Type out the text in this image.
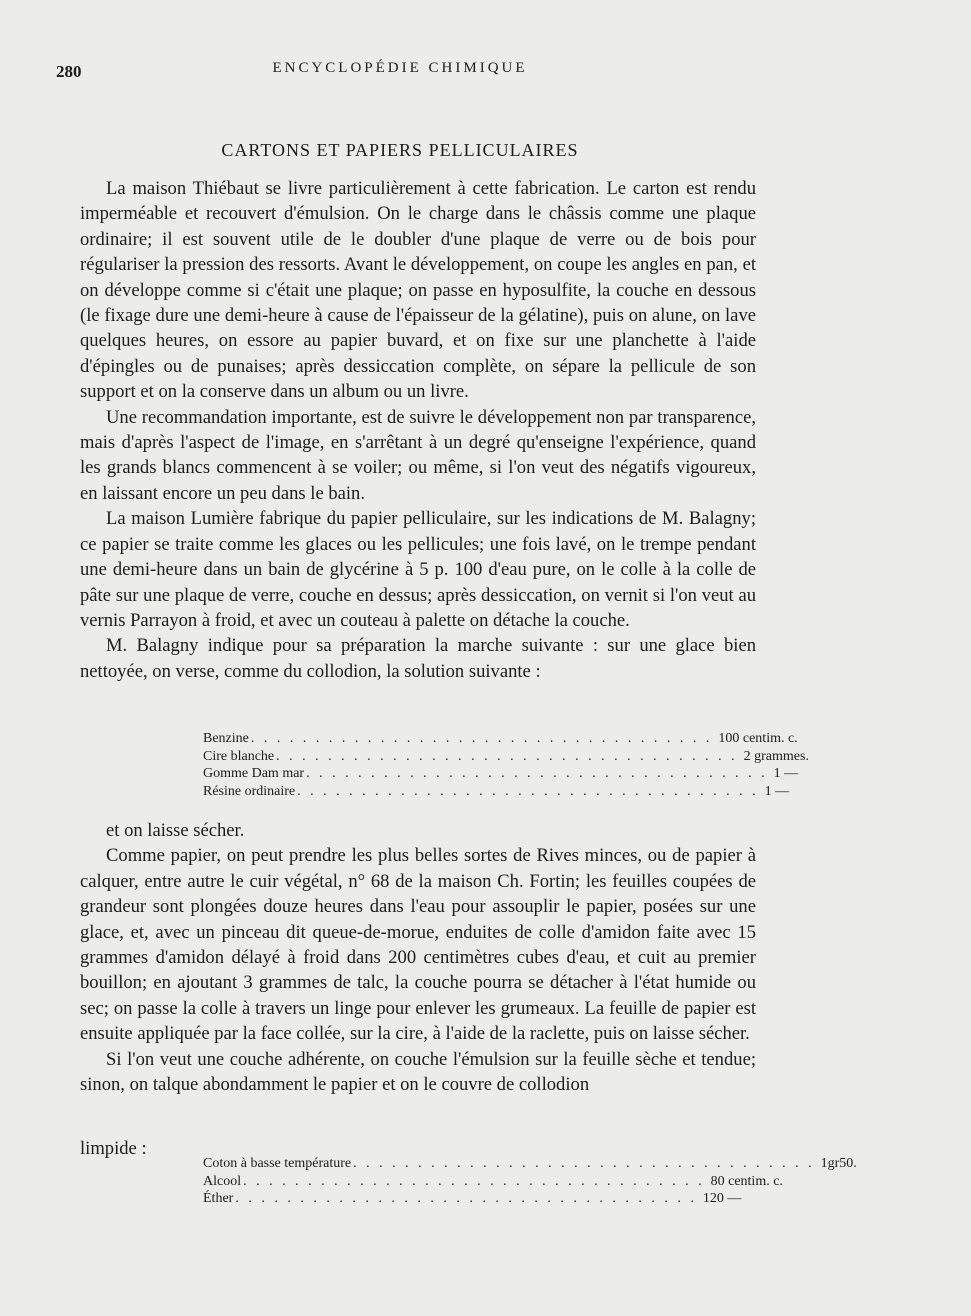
280	ENCYCLOPÉDIE CHIMIQUE
CARTONS ET PAPIERS PELLICULAIRES

La maison Thiébaut se livre particulièrement à cette fabrication. Le carton est rendu imperméable et recouvert d'émulsion. On le charge dans le châssis comme une plaque ordinaire; il est souvent utile de le doubler d'une plaque de verre ou de bois pour régulariser la pression des ressorts. Avant le développement, on coupe les angles en pan, et on développe comme si c'était une plaque; on passe en hyposulfite, la couche en dessous (le fixage dure une demi-heure à cause de l'épaisseur de la gélatine), puis on alune, on lave quelques heures, on essore au papier buvard, et on fixe sur une planchette à l'aide d'épingles ou de punaises; après dessiccation complète, on sépare la pellicule de son support et on la conserve dans un album ou un livre.

Une recommandation importante, est de suivre le développement non par transparence, mais d'après l'aspect de l'image, en s'arrêtant à un degré qu'enseigne l'expérience, quand les grands blancs commencent à se voiler; ou même, si l'on veut des négatifs vigoureux, en laissant encore un peu dans le bain.

La maison Lumière fabrique du papier pelliculaire, sur les indications de M. Balagny; ce papier se traite comme les glaces ou les pellicules; une fois lavé, on le trempe pendant une demi-heure dans un bain de glycérine à 5 p. 100 d'eau pure, on le colle à la colle de pâte sur une plaque de verre, couche en dessus; après dessiccation, on vernit si l'on veut au vernis Parrayon à froid, et avec un couteau à palette on détache la couche.

M. Balagny indique pour sa préparation la marche suivante : sur une glace bien nettoyée, on verse, comme du collodion, la solution suivante :

Benzine . . . . . . . . . . . . . . . . . . . . . . . . . . . . . . . . . . . . 100 centim. c.
Cire blanche . . . . . . . . . . . . . . . . . . . . . . . . . . . . . . . . . . . . 2 grammes.
Gomme Dam mar . . . . . . . . . . . . . . . . . . . . . . . . . . . . . . . . . . . . 1 —
Résine ordinaire . . . . . . . . . . . . . . . . . . . . . . . . . . . . . . . . . . . . 1 —

et on laisse sécher.

Comme papier, on peut prendre les plus belles sortes de Rives minces, ou de papier à calquer, entre autre le cuir végétal, n° 68 de la maison Ch. Fortin; les feuilles coupées de grandeur sont plongées douze heures dans l'eau pour assouplir le papier, posées sur une glace, et, avec un pinceau dit queue-de-morue, enduites de colle d'amidon faite avec 15 grammes d'amidon délayé à froid dans 200 centimètres cubes d'eau, et cuit au premier bouillon; en ajoutant 3 grammes de talc, la couche pourra se détacher à l'état humide ou sec; on passe la colle à travers un linge pour enlever les grumeaux. La feuille de papier est ensuite appliquée par la face collée, sur la cire, à l'aide de la raclette, puis on laisse sécher.

Si l'on veut une couche adhérente, on couche l'émulsion sur la feuille sèche et tendue; sinon, on talque abondamment le papier et on le couvre de collodion

limpide :
Coton à basse température . . . . . . . . . . . . . . . . . . . . . . . . . . . . . . . . . . . . 1gr50.
Alcool . . . . . . . . . . . . . . . . . . . . . . . . . . . . . . . . . . . . 80 centim. c.
Éther . . . . . . . . . . . . . . . . . . . . . . . . . . . . . . . . . . . . 120 —
